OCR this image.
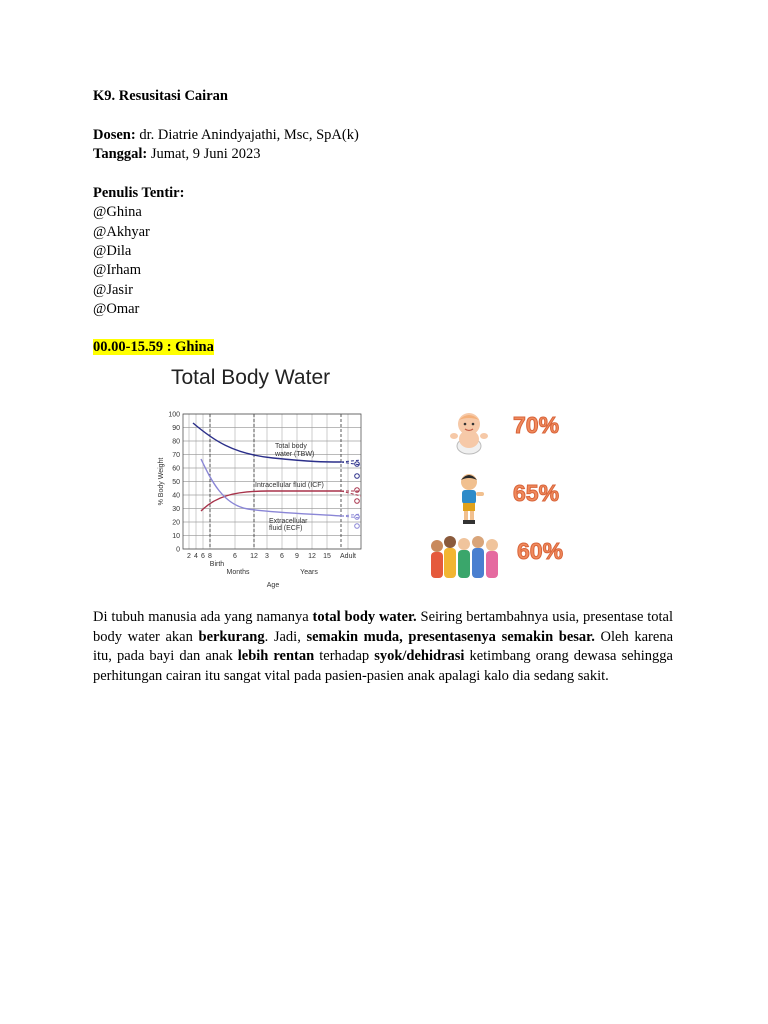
K9. Resusitasi Cairan
Dosen: dr. Diatrie Anindyajathi, Msc, SpA(k)
Tanggal: Jumat, 9 Juni 2023
Penulis Tentir:
@Ghina
@Akhyar
@Dila
@Irham
@Jasir
@Omar
00.00-15.59 : Ghina
Total Body Water
0
10
20
30
40
50
60
70
80
90
100
2 4 6 8	6 12 3 6 9 12 15 Adult
Birth
Months	Years
Age
% Body Weight
Total body
water (TBW)
Intracellular fluid (ICF)
Extracellular
fluid (ECF)
70%
65%
60%
Di tubuh manusia ada yang namanya total body water. Seiring bertambahnya usia, presentase total body water akan berkurang. Jadi, semakin muda, presentasenya semakin besar. Oleh karena itu, pada bayi dan anak lebih rentan terhadap syok/dehidrasi ketimbang orang dewasa sehingga perhitungan cairan itu sangat vital pada pasien-pasien anak apalagi kalo dia sedang sakit.
